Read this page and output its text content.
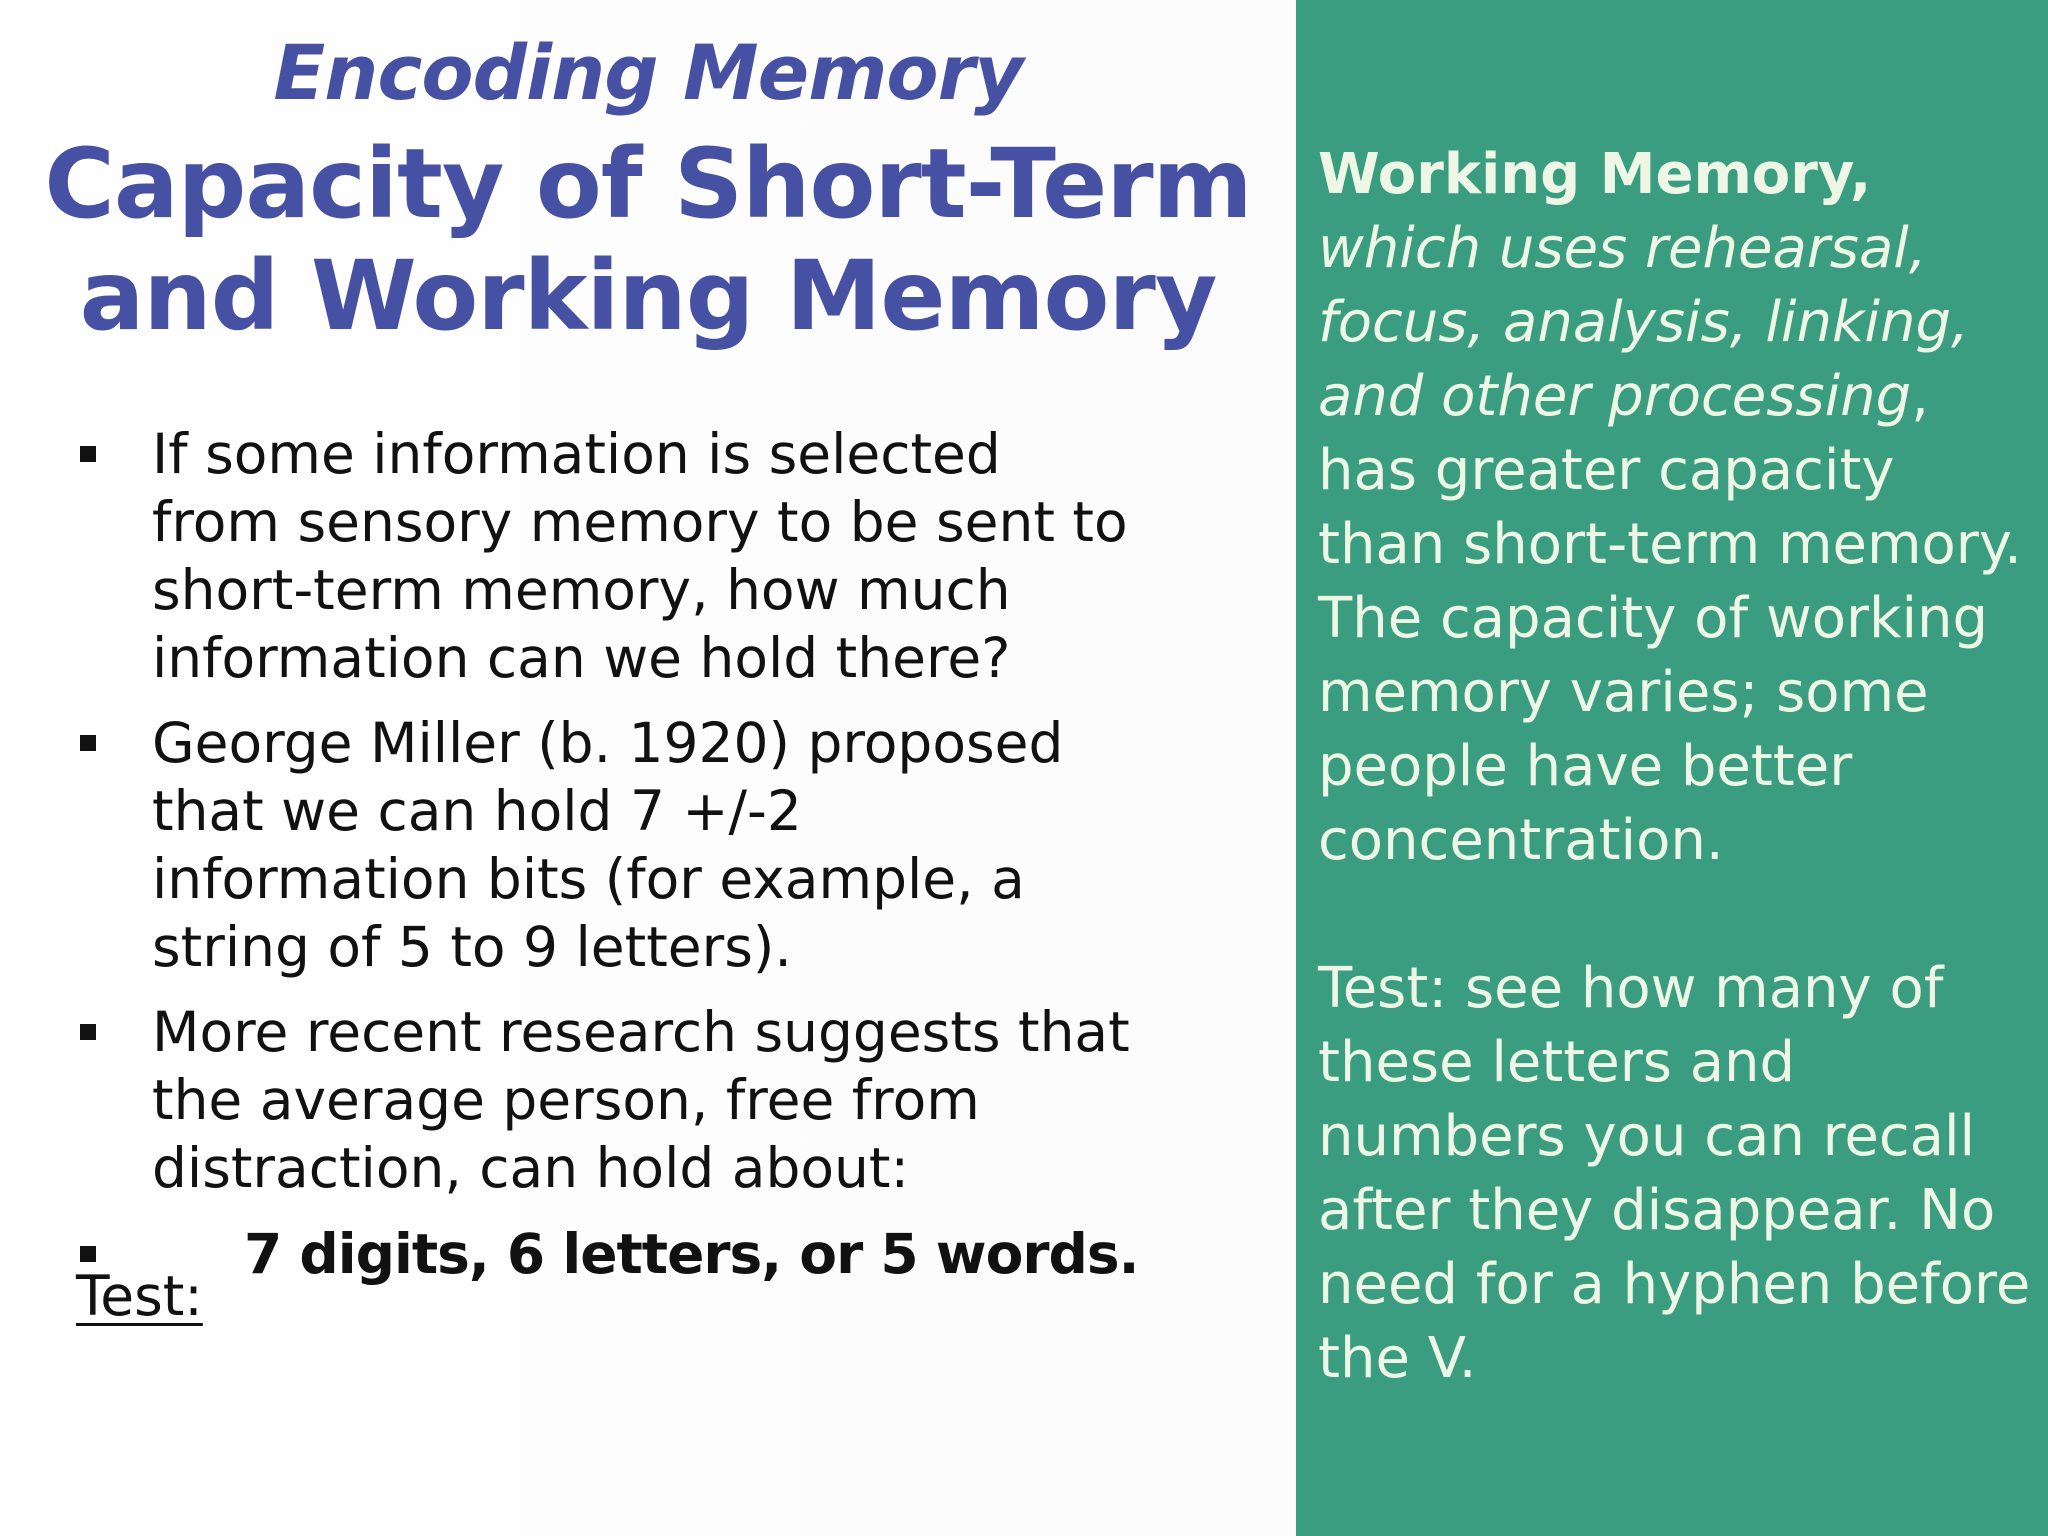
Encoding Memory
Capacity of Short-Term
and Working Memory
If some information is selected from sensory memory to be sent to short-term memory, how much information can we hold there?
George Miller (b. 1920) proposed that we can hold 7 +/-2 information bits (for example, a string of 5 to 9 letters).
More recent research suggests that the average person, free from distraction, can hold about:
7 digits, 6 letters, or 5 words.
Test:

Working Memory, which uses rehearsal, focus, analysis, linking, and other processing, has greater capacity than short-term memory. The capacity of working memory varies; some people have better concentration.

Test: see how many of these letters and numbers you can recall after they disappear. No need for a hyphen before the V.
